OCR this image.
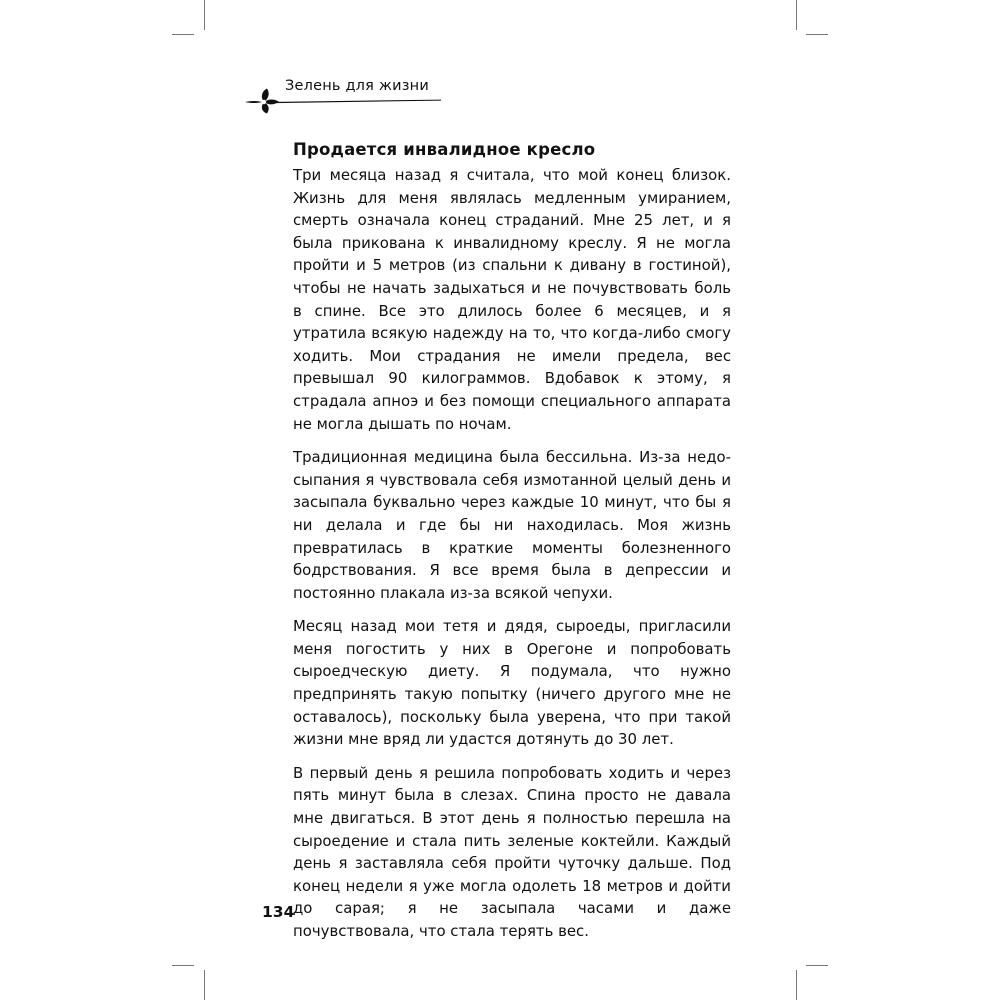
Зелень для жизни
Продается инвалидное кресло

Три месяца назад я считала, что мой конец близок. Жизнь для меня являлась медленным умиранием, смерть означала конец страданий. Мне 25 лет, и я была прикована к инвалидному креслу. Я не могла пройти и 5 метров (из спальни к дивану в гостиной), чтобы не начать задыхаться и не почувствовать боль в спине. Все это длилось более 6 месяцев, и я утратила всякую надежду на то, что когда-либо смогу ходить. Мои страдания не имели предела, вес превышал 90 килограммов. Вдобавок к этому, я страдала апноэ и без помощи специального аппарата не могла дышать по ночам.

Традиционная медицина была бессильна. Из-за недосыпания я чувствовала себя измотанной целый день и засыпала буквально через каждые 10 минут, что бы я ни делала и где бы ни находилась. Моя жизнь превратилась в краткие моменты болезненного бодрствования. Я все время была в депрессии и постоянно плакала из-за всякой чепухи.

Месяц назад мои тетя и дядя, сыроеды, пригласили меня погостить у них в Орегоне и попробовать сыроедческую диету. Я подумала, что нужно предпринять такую попытку (ничего другого мне не оставалось), поскольку была уверена, что при такой жизни мне вряд ли удастся дотянуть до 30 лет.

В первый день я решила попробовать ходить и через пять минут была в слезах. Спина просто не давала мне двигаться. В этот день я полностью перешла на сыроедение и стала пить зеленые коктейли. Каждый день я заставляла себя пройти чуточку дальше. Под конец недели я уже могла одолеть 18 метров и дойти до сарая; я не засыпала часами и даже почувствовала, что стала терять вес.

134
